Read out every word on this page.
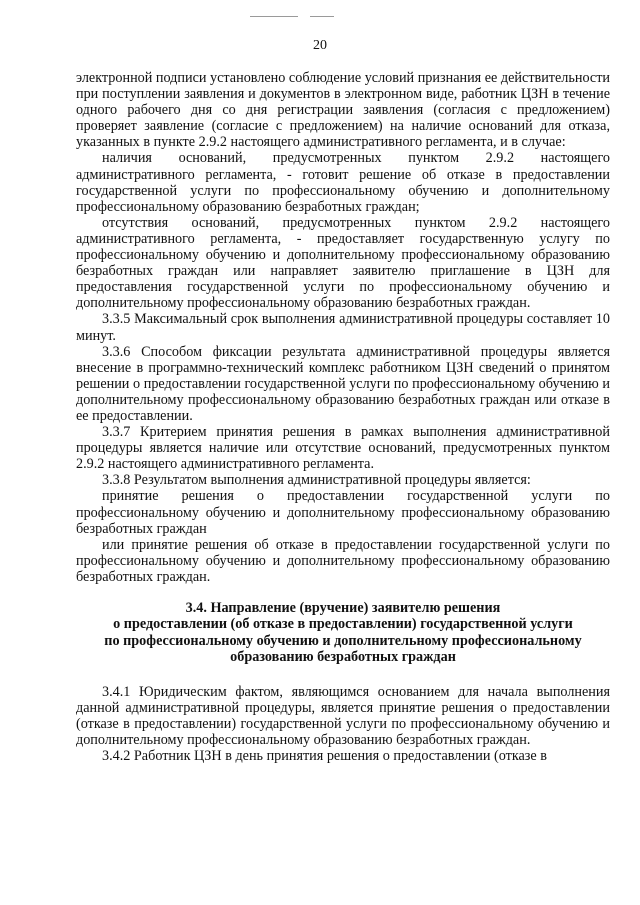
20

электронной подписи установлено соблюдение условий признания ее действительности при поступлении заявления и документов в электронном виде, работник ЦЗН в течение одного рабочего дня со дня регистрации заявления (согласия с предложением) проверяет заявление (согласие с предложением) на наличие оснований для отказа, указанных в пункте 2.9.2 настоящего административного регламента, и в случае:

наличия оснований, предусмотренных пунктом 2.9.2 настоящего административного регламента, - готовит решение об отказе в предоставлении государственной услуги по профессиональному обучению и дополнительному профессиональному образованию безработных граждан;

отсутствия оснований, предусмотренных пунктом 2.9.2 настоящего административного регламента, - предоставляет государственную услугу по профессиональному обучению и дополнительному профессиональному образованию безработных граждан или направляет заявителю приглашение в ЦЗН для предоставления государственной услуги по профессиональному обучению и дополнительному профессиональному образованию безработных граждан.

3.3.5 Максимальный срок выполнения административной процедуры составляет 10 минут.

3.3.6 Способом фиксации результата административной процедуры является внесение в программно-технический комплекс работником ЦЗН сведений о принятом решении о предоставлении государственной услуги по профессиональному обучению и дополнительному профессиональному образованию безработных граждан или отказе в ее предоставлении.

3.3.7 Критерием принятия решения в рамках выполнения административной процедуры является наличие или отсутствие оснований, предусмотренных пунктом 2.9.2 настоящего административного регламента.

3.3.8 Результатом выполнения административной процедуры является:

принятие решения о предоставлении государственной услуги по профессиональному обучению и дополнительному профессиональному образованию безработных граждан

или принятие решения об отказе в предоставлении государственной услуги по профессиональному обучению и дополнительному профессиональному образованию безработных граждан.

3.4. Направление (вручение) заявителю решения
о предоставлении (об отказе в предоставлении) государственной услуги
по профессиональному обучению и дополнительному профессиональному
образованию безработных граждан

3.4.1 Юридическим фактом, являющимся основанием для начала выполнения данной административной процедуры, является принятие решения о предоставлении (отказе в предоставлении) государственной услуги по профессиональному обучению и дополнительному профессиональному образованию безработных граждан.

3.4.2 Работник ЦЗН в день принятия решения о предоставлении (отказе в
